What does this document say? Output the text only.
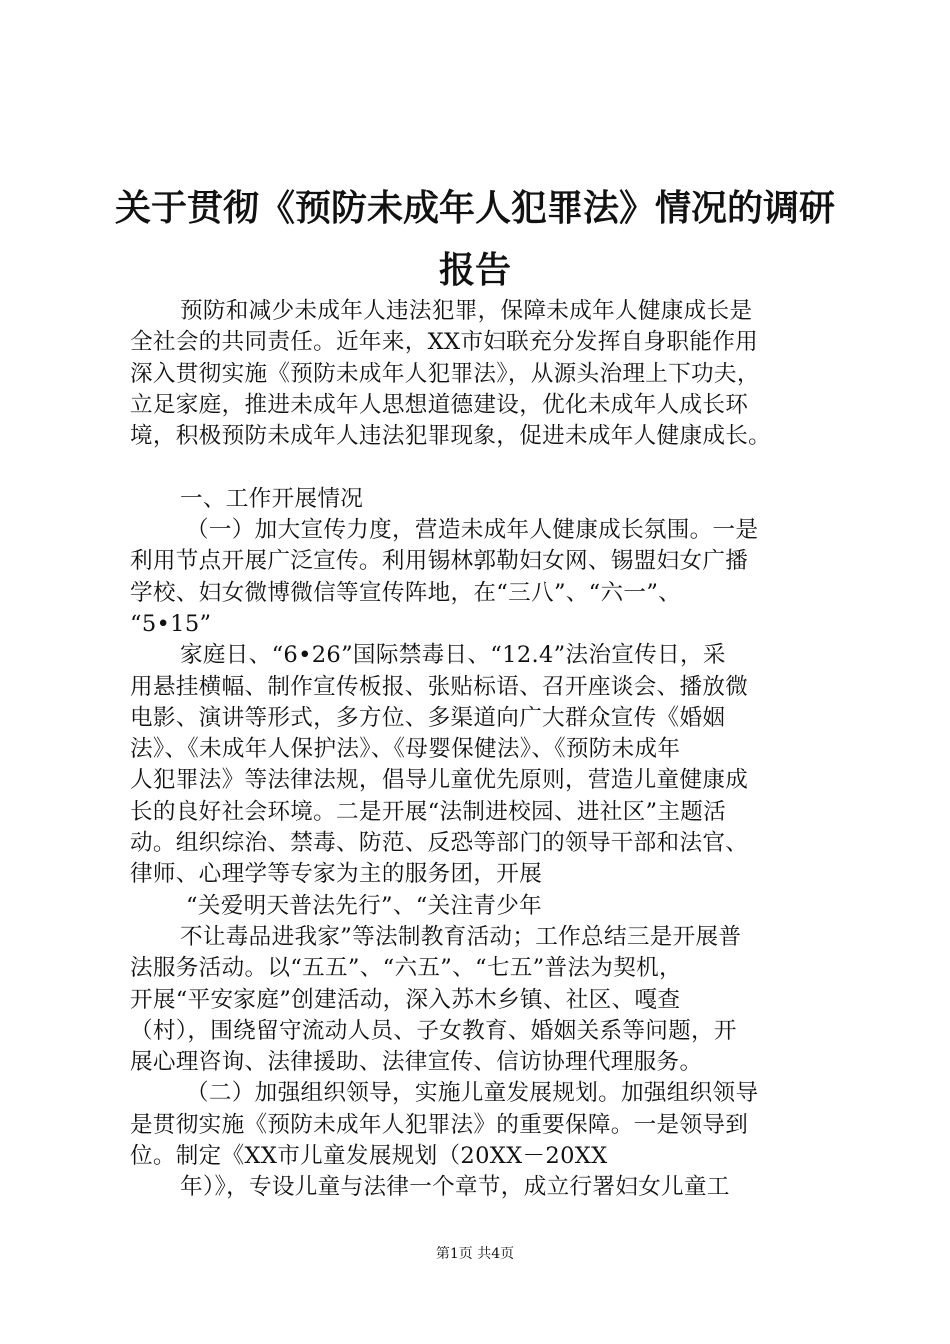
关于贯彻《预防未成年人犯罪法》情况的调研
报告
预防和减少未成年人违法犯罪，保障未成年人健康成长是
全社会的共同责任。近年来，XX市妇联充分发挥自身职能作用
深入贯彻实施《预防未成年人犯罪法》，从源头治理上下功夫，
立足家庭，推进未成年人思想道德建设，优化未成年人成长环
境，积极预防未成年人违法犯罪现象，促进未成年人健康成长。
一、工作开展情况
（一）加大宣传力度，营造未成年人健康成长氛围。一是
利用节点开展广泛宣传。利用锡林郭勒妇女网、锡盟妇女广播
学校、妇女微博微信等宣传阵地，在“三八”、“六一”、
“5•15”
家庭日、“6•26”国际禁毒日、“12.4”法治宣传日，采
用悬挂横幅、制作宣传板报、张贴标语、召开座谈会、播放微
电影、演讲等形式，多方位、多渠道向广大群众宣传《婚姻
法》、《未成年人保护法》、《母婴保健法》、《预防未成年
人犯罪法》等法律法规，倡导儿童优先原则，营造儿童健康成
长的良好社会环境。二是开展“法制进校园、进社区”主题活
动。组织综治、禁毒、防范、反恐等部门的领导干部和法官、
律师、心理学等专家为主的服务团，开展
“关爱明天普法先行”、“关注青少年
不让毒品进我家”等法制教育活动；工作总结三是开展普
法服务活动。以“五五”、“六五”、“七五”普法为契机，
开展“平安家庭”创建活动，深入苏木乡镇、社区、嘎查
（村），围绕留守流动人员、子女教育、婚姻关系等问题，开
展心理咨询、法律援助、法律宣传、信访协理代理服务。
（二）加强组织领导，实施儿童发展规划。加强组织领导
是贯彻实施《预防未成年人犯罪法》的重要保障。一是领导到
位。制定《XX市儿童发展规划（20XX－20XX
年）》，专设儿童与法律一个章节，成立行署妇女儿童工
第1页 共4页
